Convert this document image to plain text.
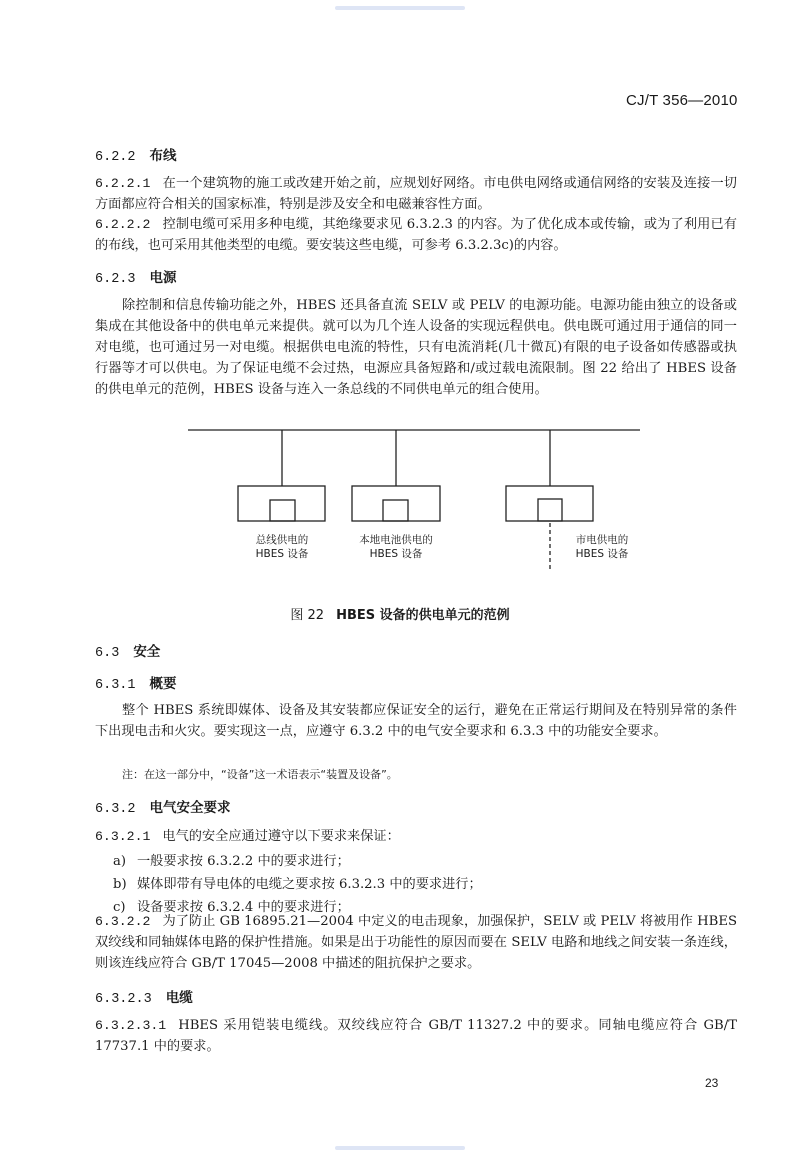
CJ/T 356—2010
6.2.2 布线
6.2.2.1 在一个建筑物的施工或改建开始之前，应规划好网络。市电供电网络或通信网络的安装及连接一切方面都应符合相关的国家标准，特别是涉及安全和电磁兼容性方面。
6.2.2.2 控制电缆可采用多种电缆，其绝缘要求见 6.3.2.3 的内容。为了优化成本或传输，或为了利用已有的布线，也可采用其他类型的电缆。要安装这些电缆，可参考 6.3.2.3c)的内容。
6.2.3 电源
除控制和信息传输功能之外，HBES 还具备直流 SELV 或 PELV 的电源功能。电源功能由独立的设备或集成在其他设备中的供电单元来提供。就可以为几个连人设备的实现远程供电。供电既可通过用于通信的同一对电缆，也可通过另一对电缆。根据供电电流的特性，只有电流消耗(几十微瓦)有限的电子设备如传感器或执行器等才可以供电。为了保证电缆不会过热，电源应具备短路和/或过载电流限制。图 22 给出了 HBES 设备的供电单元的范例，HBES 设备与连入一条总线的不同供电单元的组合使用。
6.3 安全
6.3.1 概要
整个 HBES 系统即媒体、设备及其安装都应保证安全的运行，避免在正常运行期间及在特别异常的条件下出现电击和火灾。要实现这一点，应遵守 6.3.2 中的电气安全要求和 6.3.3 中的功能安全要求。
注：在这一部分中，“设备”这一术语表示“装置及设备”。
6.3.2 电气安全要求
6.3.2.1 电气的安全应通过遵守以下要求来保证：
a) 一般要求按 6.3.2.2 中的要求进行；
b) 媒体即带有导电体的电缆之要求按 6.3.2.3 中的要求进行；
c) 设备要求按 6.3.2.4 中的要求进行；
6.3.2.2 为了防止 GB 16895.21—2004 中定义的电击现象，加强保护，SELV 或 PELV 将被用作 HBES 双绞线和同轴媒体电路的保护性措施。如果是出于功能性的原因而要在 SELV 电路和地线之间安装一条连线，则该连线应符合 GB/T 17045—2008 中描述的阻抗保护之要求。
6.3.2.3 电缆
6.3.2.3.1 HBES 采用铠装电缆线。双绞线应符合 GB/T 11327.2 中的要求。同轴电缆应符合 GB/T 17737.1 中的要求。
总线供电的
HBES 设备
本地电池供电的
HBES 设备
市电供电的
HBES 设备
图 22 HBES 设备的供电单元的范例
23
